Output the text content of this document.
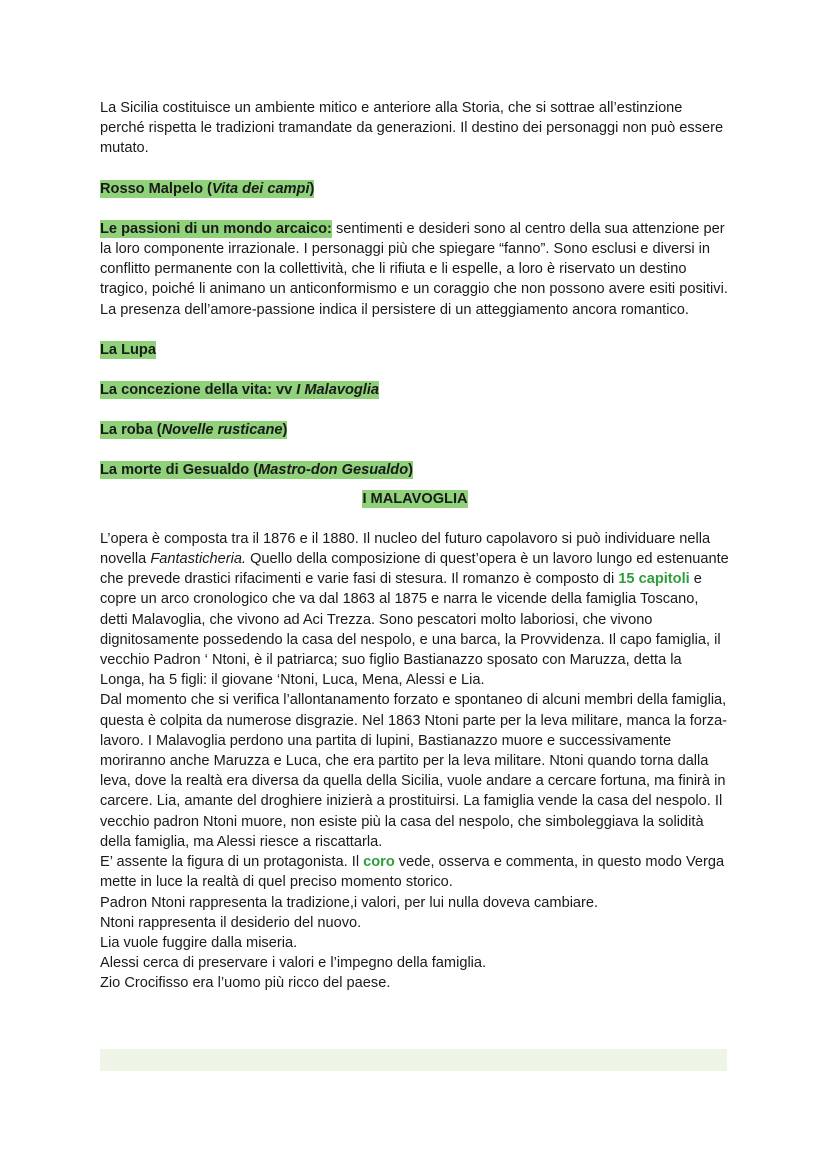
La Sicilia costituisce un ambiente mitico e anteriore alla Storia, che si sottrae all’estinzione perché rispetta le tradizioni tramandate da generazioni. Il destino dei personaggi non può essere mutato.

Rosso Malpelo (Vita dei campi)

Le passioni di un mondo arcaico: sentimenti e desideri sono al centro della sua attenzione per la loro componente irrazionale. I personaggi più che spiegare “fanno”. Sono esclusi e diversi in conflitto permanente con la collettività, che li rifiuta e li espelle, a loro è riservato un destino tragico, poiché li animano un anticonformismo e un coraggio che non possono avere esiti positivi.

La presenza dell’amore-passione indica il persistere di un atteggiamento ancora romantico.

La Lupa

La concezione della vita: vv I Malavoglia

La roba (Novelle rusticane)

La morte di Gesualdo (Mastro-don Gesualdo)

I MALAVOGLIA

L’opera è composta tra il 1876 e il 1880. Il nucleo del futuro capolavoro si può individuare nella novella Fantasticheria. Quello della composizione di quest’opera è un lavoro lungo ed estenuante che prevede drastici rifacimenti e varie fasi di stesura. Il romanzo è composto di 15 capitoli e copre un arco cronologico che va dal 1863 al 1875 e narra le vicende della famiglia Toscano, detti Malavoglia, che vivono ad Aci Trezza. Sono pescatori molto laboriosi, che vivono dignitosamente possedendo la casa del nespolo, e una barca, la Provvidenza. Il capo famiglia, il vecchio Padron ‘ Ntoni, è il patriarca; suo figlio Bastianazzo sposato con Maruzza, detta la Longa, ha 5 figli: il giovane ‘Ntoni, Luca, Mena, Alessi e Lia.

Dal momento che si verifica l’allontanamento forzato e spontaneo di alcuni membri della famiglia, questa è colpita da numerose disgrazie. Nel 1863 Ntoni parte per la leva militare, manca la forza-lavoro. I Malavoglia perdono una partita di lupini, Bastianazzo muore e successivamente moriranno anche Maruzza e Luca, che era partito per la leva militare. Ntoni quando torna dalla leva, dove la realtà era diversa da quella della Sicilia, vuole andare a cercare fortuna, ma finirà in carcere. Lia, amante del droghiere inizierà a prostituirsi. La famiglia vende la casa del nespolo. Il vecchio padron Ntoni muore, non esiste più la casa del nespolo, che simboleggiava la solidità della famiglia, ma Alessi riesce a riscattarla.

E’ assente la figura di un protagonista. Il coro vede, osserva e commenta, in questo modo Verga mette in luce la realtà di quel preciso momento storico.

Padron Ntoni rappresenta la tradizione,i valori, per lui nulla doveva cambiare.

Ntoni rappresenta il desiderio del nuovo.

Lia vuole fuggire dalla miseria.

Alessi cerca di preservare i valori e l’impegno della famiglia.

Zio Crocifisso era l’uomo più ricco del paese.
